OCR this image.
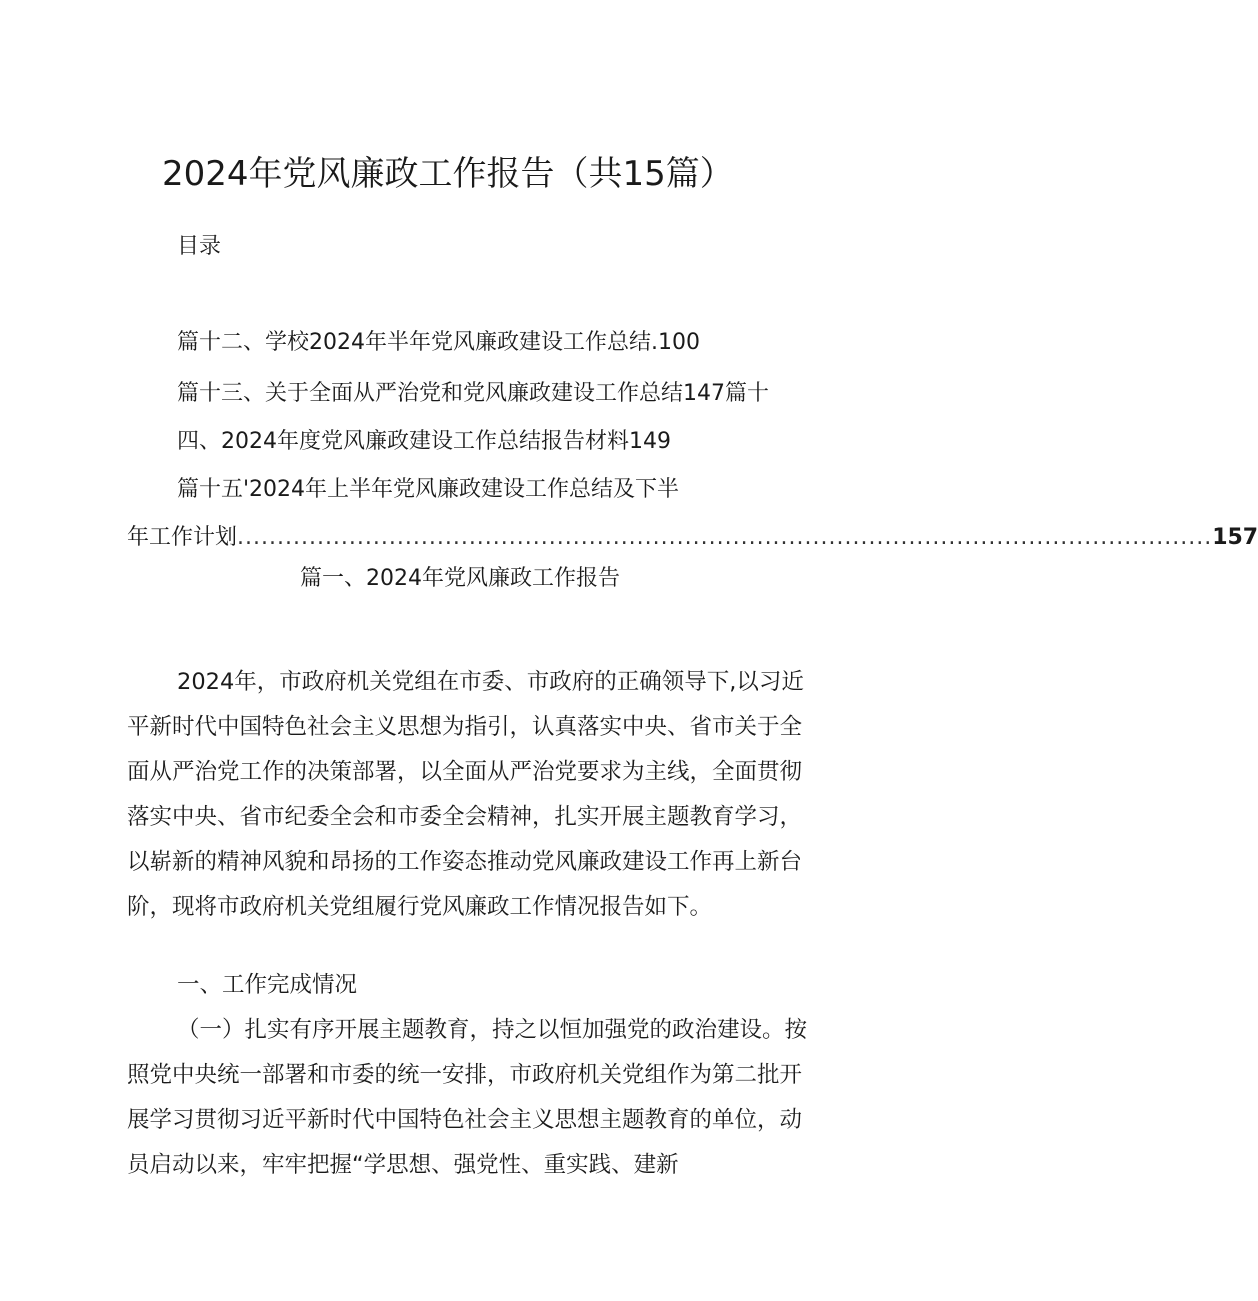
2024年党风廉政工作报告（共15篇）
目录
篇十二、学校2024年半年党风廉政建设工作总结.100
篇十三、关于全面从严治党和党风廉政建设工作总结147篇十
四、2024年度党风廉政建设工作总结报告材料149
篇十五'2024年上半年党风廉政建设工作总结及下半
年工作计划 .......................................................................................................................... 157
篇一、2024年党风廉政工作报告
2024年，市政府机关党组在市委、市政府的正确领导下,以习近平新时代中国特色社会主义思想为指引，认真落实中央、省市关于全面从严治党工作的决策部署，以全面从严治党要求为主线，全面贯彻落实中央、省市纪委全会和市委全会精神，扎实开展主题教育学习，以崭新的精神风貌和昂扬的工作姿态推动党风廉政建设工作再上新台阶，现将市政府机关党组履行党风廉政工作情况报告如下。
一、工作完成情况
（一）扎实有序开展主题教育，持之以恒加强党的政治建设。按照党中央统一部署和市委的统一安排，市政府机关党组作为第二批开展学习贯彻习近平新时代中国特色社会主义思想主题教育的单位，动员启动以来，牢牢把握“学思想、强党性、重实践、建新
